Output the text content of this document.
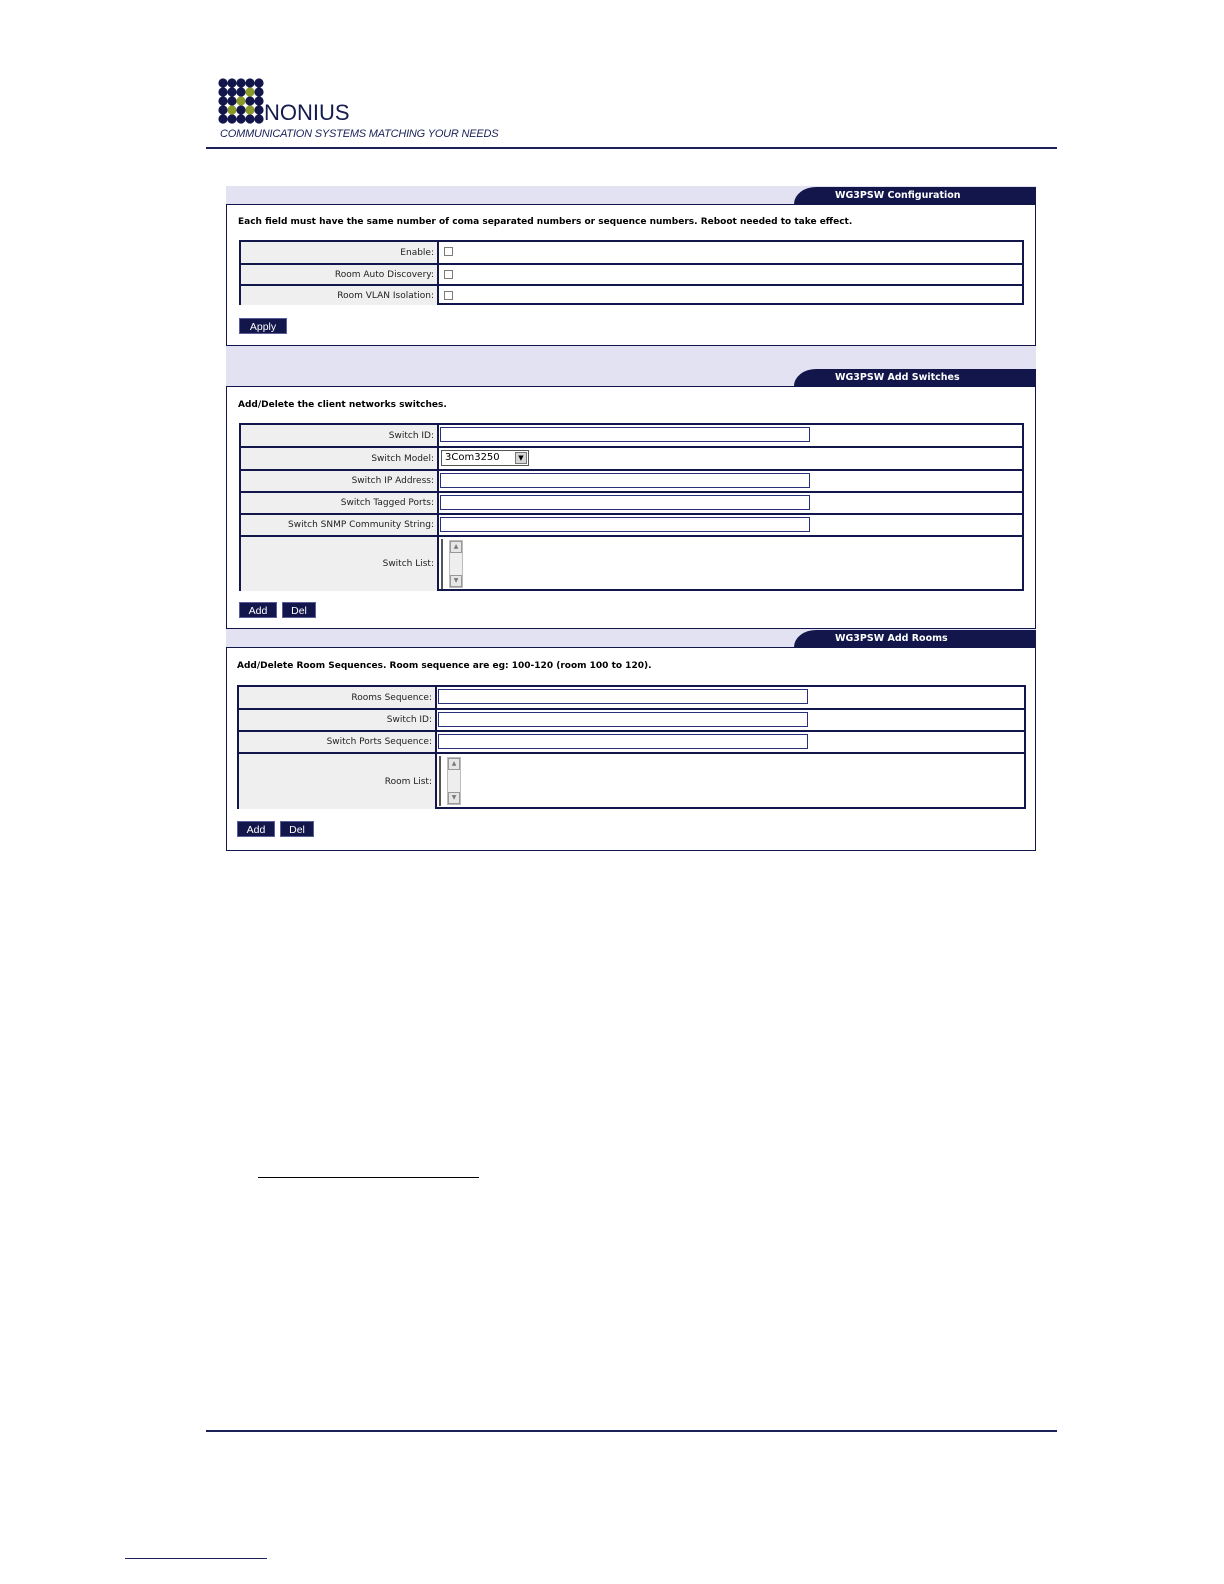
NONIUS
COMMUNICATION SYSTEMS MATCHING YOUR NEEDS
WG3PSW Configuration
Each field must have the same number of coma separated numbers or sequence numbers. Reboot needed to take effect.
Enable:
Room Auto Discovery:
Room VLAN Isolation:
Apply
WG3PSW Add Switches
Add/Delete the client networks switches.
Switch ID:
Switch Model:	3Com3250	▼
Switch IP Address:
Switch Tagged Ports:
Switch SNMP Community String:
Switch List:
▲
▼
Add	Del
WG3PSW Add Rooms
Add/Delete Room Sequences. Room sequence are eg: 100-120 (room 100 to 120).
Rooms Sequence:
Switch ID:
Switch Ports Sequence:
Room List:
▲
▼
Add	Del
